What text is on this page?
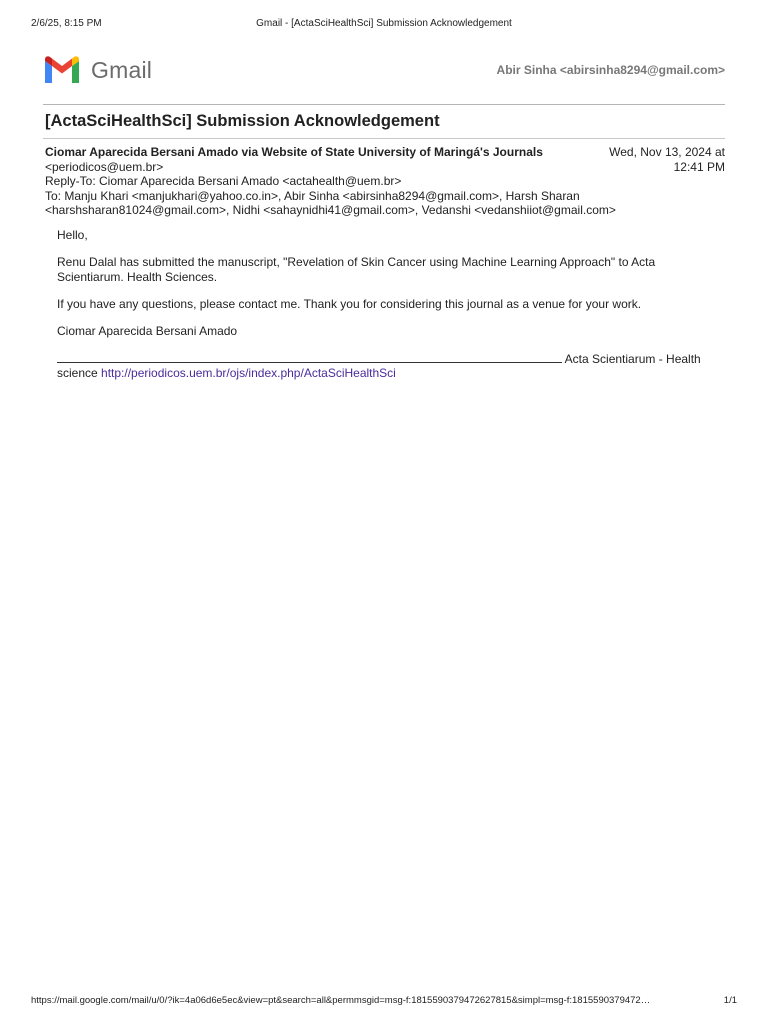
2/6/25, 8:15 PM	Gmail - [ActaSciHealthSci] Submission Acknowledgement
Gmail	Abir Sinha <abirsinha8294@gmail.com>
[ActaSciHealthSci] Submission Acknowledgement
Ciomar Aparecida Bersani Amado via Website of State University of Maringá's Journals
<periodicos@uem.br>
Wed, Nov 13, 2024 at
12:41 PM
Reply-To: Ciomar Aparecida Bersani Amado <actahealth@uem.br>
To: Manju Khari <manjukhari@yahoo.co.in>, Abir Sinha <abirsinha8294@gmail.com>, Harsh Sharan
<harshsharan81024@gmail.com>, Nidhi <sahaynidhi41@gmail.com>, Vedanshi <vedanshiiot@gmail.com>

Hello,

Renu Dalal has submitted the manuscript, "Revelation of Skin Cancer using Machine Learning Approach" to Acta Scientiarum. Health Sciences.

If you have any questions, please contact me. Thank you for considering this journal as a venue for your work.

Ciomar Aparecida Bersani Amado

Acta Scientiarum - Health
science http://periodicos.uem.br/ojs/index.php/ActaSciHealthSci
https://mail.google.com/mail/u/0/?ik=4a06d6e5ec&view=pt&search=all&permmsgid=msg-f:1815590379472627815&simpl=msg-f:1815590379472…	1/1
